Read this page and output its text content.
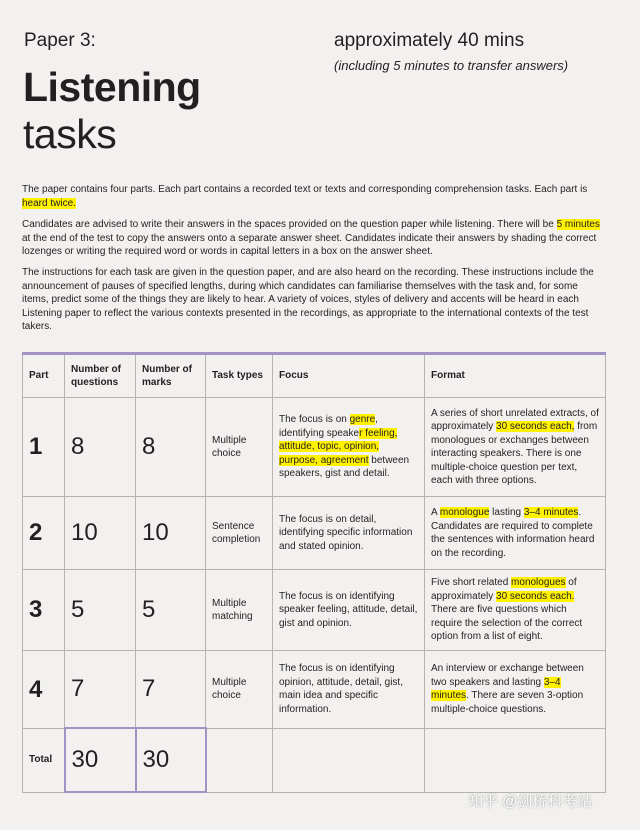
Paper 3:	approximately 40 mins
(including 5 minutes to transfer answers)
Listening
tasks

The paper contains four parts. Each part contains a recorded text or texts and corresponding comprehension tasks. Each part is heard twice.

Candidates are advised to write their answers in the spaces provided on the question paper while listening. There will be 5 minutes at the end of the test to copy the answers onto a separate answer sheet. Candidates indicate their answers by shading the correct lozenges or writing the required word or words in capital letters in a box on the answer sheet.

The instructions for each task are given in the question paper, and are also heard on the recording. These instructions include the announcement of pauses of specified lengths, during which candidates can familiarise themselves with the task and, for some items, predict some of the things they are likely to hear. A variety of voices, styles of delivery and accents will be heard in each Listening paper to reflect the various contexts presented in the recordings, as appropriate to the international contexts of the test takers.

Part	Number of questions	Number of marks	Task types	Focus	Format
1	8	8	Multiple choice	The focus is on genre, identifying speaker feeling, attitude, topic, opinion, purpose, agreement between speakers, gist and detail.	A series of short unrelated extracts, of approximately 30 seconds each, from monologues or exchanges between interacting speakers. There is one multiple-choice question per text, each with three options.
2	10	10	Sentence completion	The focus is on detail, identifying specific information and stated opinion.	A monologue lasting 3–4 minutes. Candidates are required to complete the sentences with information heard on the recording.
3	5	5	Multiple matching	The focus is on identifying speaker feeling, attitude, detail, gist and opinion.	Five short related monologues of approximately 30 seconds each. There are five questions which require the selection of the correct option from a list of eight.
4	7	7	Multiple choice	The focus is on identifying opinion, attitude, detail, gist, main idea and specific information.	An interview or exchange between two speakers and lasting 3–4 minutes. There are seven 3-option multiple-choice questions.
Total	30	30			
知乎 @剑桥科考站
